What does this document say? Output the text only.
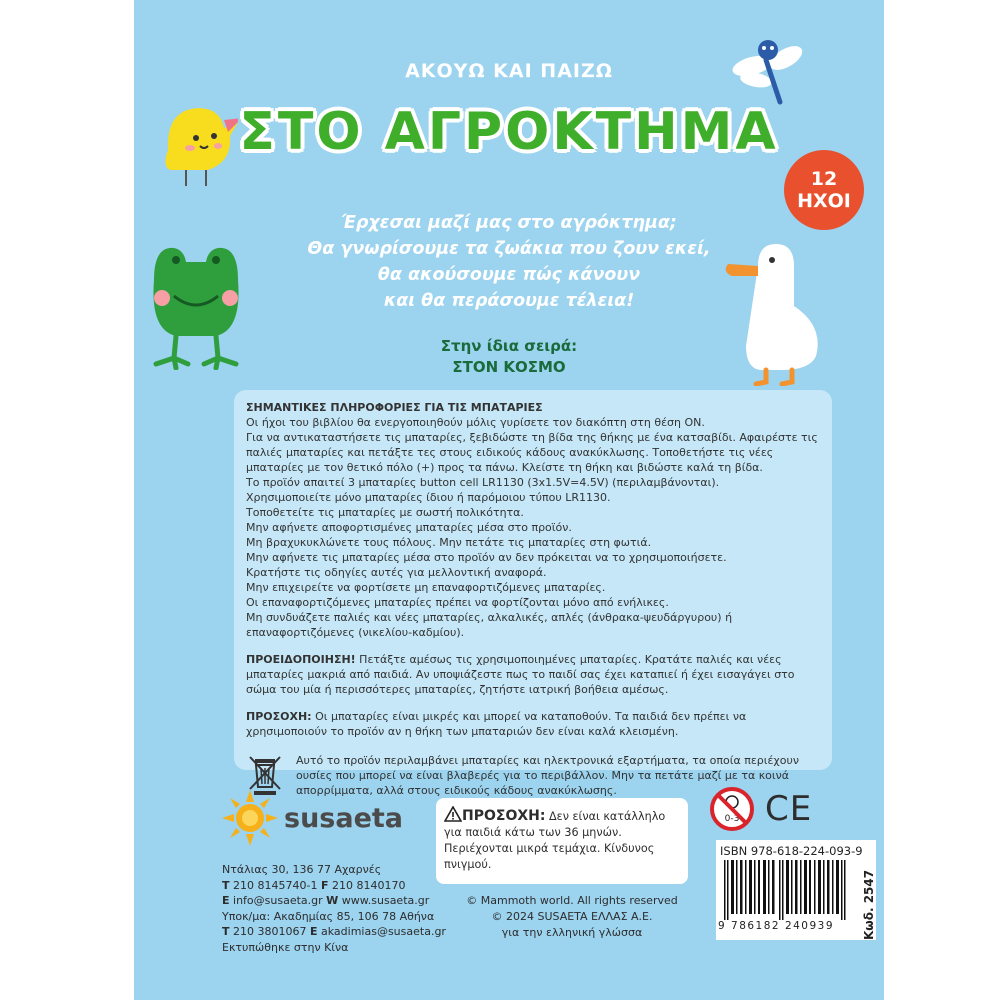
ΑΚΟΥΩ ΚΑΙ ΠΑΙΖΩ
ΣΤΟ ΑΓΡΟΚΤΗΜΑ
12
ΗΧΟΙ
Έρχεσαι μαζί μας στο αγρόκτημα;
Θα γνωρίσουμε τα ζωάκια που ζουν εκεί,
θα ακούσουμε πώς κάνουν
και θα περάσουμε τέλεια!
Στην ίδια σειρά:
ΣΤΟΝ ΚΟΣΜΟ
ΣΗΜΑΝΤΙΚΕΣ ΠΛΗΡΟΦΟΡΙΕΣ ΓΙΑ ΤΙΣ ΜΠΑΤΑΡΙΕΣ
Οι ήχοι του βιβλίου θα ενεργοποιηθούν μόλις γυρίσετε τον διακόπτη στη θέση ON.
Για να αντικαταστήσετε τις μπαταρίες, ξεβιδώστε τη βίδα της θήκης με ένα κατσαβίδι. Αφαιρέστε τις παλιές μπαταρίες και πετάξτε τες στους ειδικούς κάδους ανακύκλωσης. Τοποθετήστε τις νέες μπαταρίες με τον θετικό πόλο (+) προς τα πάνω. Κλείστε τη θήκη και βιδώστε καλά τη βίδα.
Το προϊόν απαιτεί 3 μπαταρίες button cell LR1130 (3x1.5V=4.5V) (περιλαμβάνονται).
Χρησιμοποιείτε μόνο μπαταρίες ίδιου ή παρόμοιου τύπου LR1130.
Τοποθετείτε τις μπαταρίες με σωστή πολικότητα.
Μην αφήνετε αποφορτισμένες μπαταρίες μέσα στο προϊόν.
Μη βραχυκυκλώνετε τους πόλους. Μην πετάτε τις μπαταρίες στη φωτιά.
Μην αφήνετε τις μπαταρίες μέσα στο προϊόν αν δεν πρόκειται να το χρησιμοποιήσετε.
Κρατήστε τις οδηγίες αυτές για μελλοντική αναφορά.
Μην επιχειρείτε να φορτίσετε μη επαναφορτιζόμενες μπαταρίες.
Οι επαναφορτιζόμενες μπαταρίες πρέπει να φορτίζονται μόνο από ενήλικες.
Μη συνδυάζετε παλιές και νέες μπαταρίες, αλκαλικές, απλές (άνθρακα-ψευδάργυρου) ή επαναφορτιζόμενες (νικελίου-καδμίου).
ΠΡΟΕΙΔΟΠΟΙΗΣΗ! Πετάξτε αμέσως τις χρησιμοποιημένες μπαταρίες. Κρατάτε παλιές και νέες μπαταρίες μακριά από παιδιά. Αν υποψιάζεστε πως το παιδί σας έχει καταπιεί ή έχει εισαγάγει στο σώμα του μία ή περισσότερες μπαταρίες, ζητήστε ιατρική βοήθεια αμέσως.
ΠΡΟΣΟΧΗ: Οι μπαταρίες είναι μικρές και μπορεί να καταποθούν. Τα παιδιά δεν πρέπει να χρησιμοποιούν το προϊόν αν η θήκη των μπαταριών δεν είναι καλά κλεισμένη.
Αυτό το προϊόν περιλαμβάνει μπαταρίες και ηλεκτρονικά εξαρτήματα, τα οποία περιέχουν ουσίες που μπορεί να είναι βλαβερές για το περιβάλλον. Μην τα πετάτε μαζί με τα κοινά απορρίμματα, αλλά στους ειδικούς κάδους ανακύκλωσης.
susaeta
Ντάλιας 30, 136 77 Αχαρνές
T 210 8145740-1 F 210 8140170
E info@susaeta.gr W www.susaeta.gr
Υποκ/μα: Ακαδημίας 85, 106 78 Αθήνα
T 210 3801067 E akadimias@susaeta.gr
Εκτυπώθηκε στην Κίνα
ΠΡΟΣΟΧΗ: Δεν είναι κατάλληλο
για παιδιά κάτω των 36 μηνών. Περιέχονται μικρά τεμάχια. Κίνδυνος πνιγμού.
© Mammoth world. All rights reserved
© 2024 SUSAETA ΕΛΛΑΣ Α.Ε.
για την ελληνική γλώσσα
0-3 CE
ISBN 978-618-224-093-9
9 786182 240939 Κωδ. 2547
